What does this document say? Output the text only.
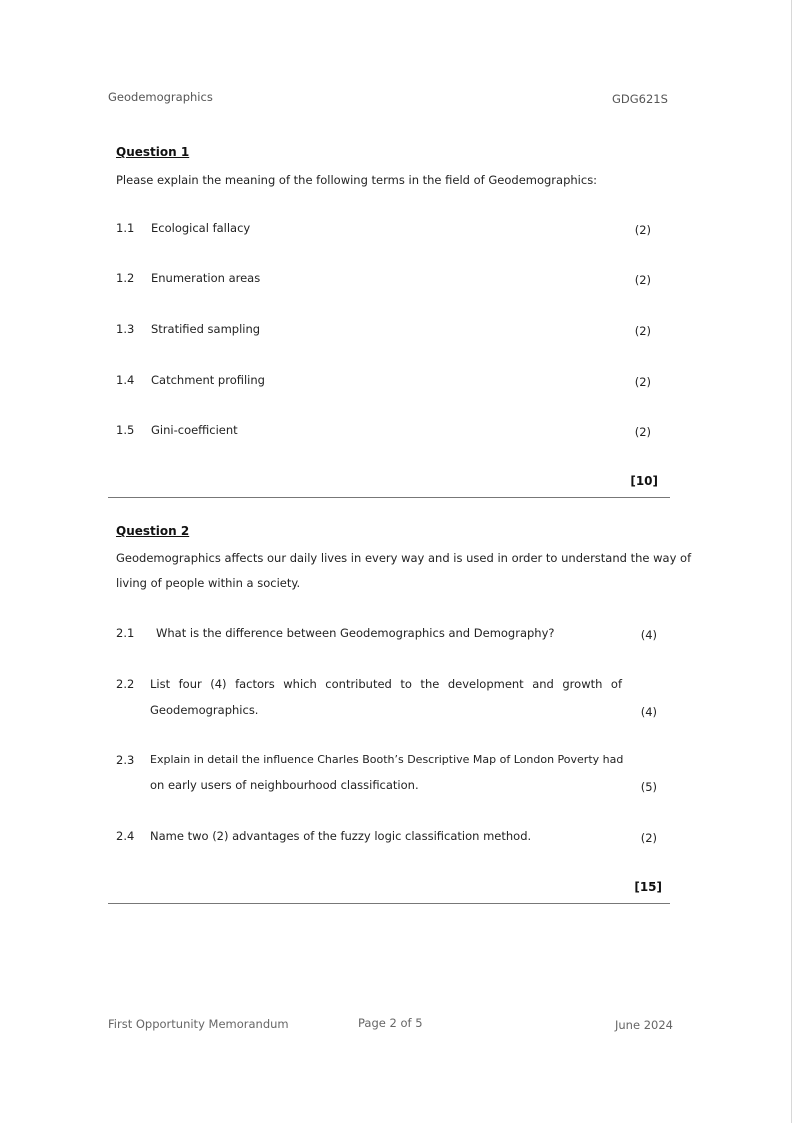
Geodemographics	GDG621S
Question 1
Please explain the meaning of the following terms in the field of Geodemographics:
1.1 Ecological fallacy	(2)
1.2 Enumeration areas	(2)
1.3 Stratified sampling	(2)
1.4 Catchment profiling	(2)
1.5 Gini-coefficient	(2)
[10]
Question 2
Geodemographics affects our daily lives in every way and is used in order to understand the way of
living of people within a society.
2.1 What is the difference between Geodemographics and Demography?	(4)
2.2 List four (4) factors which contributed to the development and growth of
Geodemographics.	(4)
2.3 Explain in detail the influence Charles Booth’s Descriptive Map of London Poverty had
on early users of neighbourhood classification.	(5)
2.4 Name two (2) advantages of the fuzzy logic classification method.	(2)
[15]
First Opportunity Memorandum	Page 2 of 5	June 2024
